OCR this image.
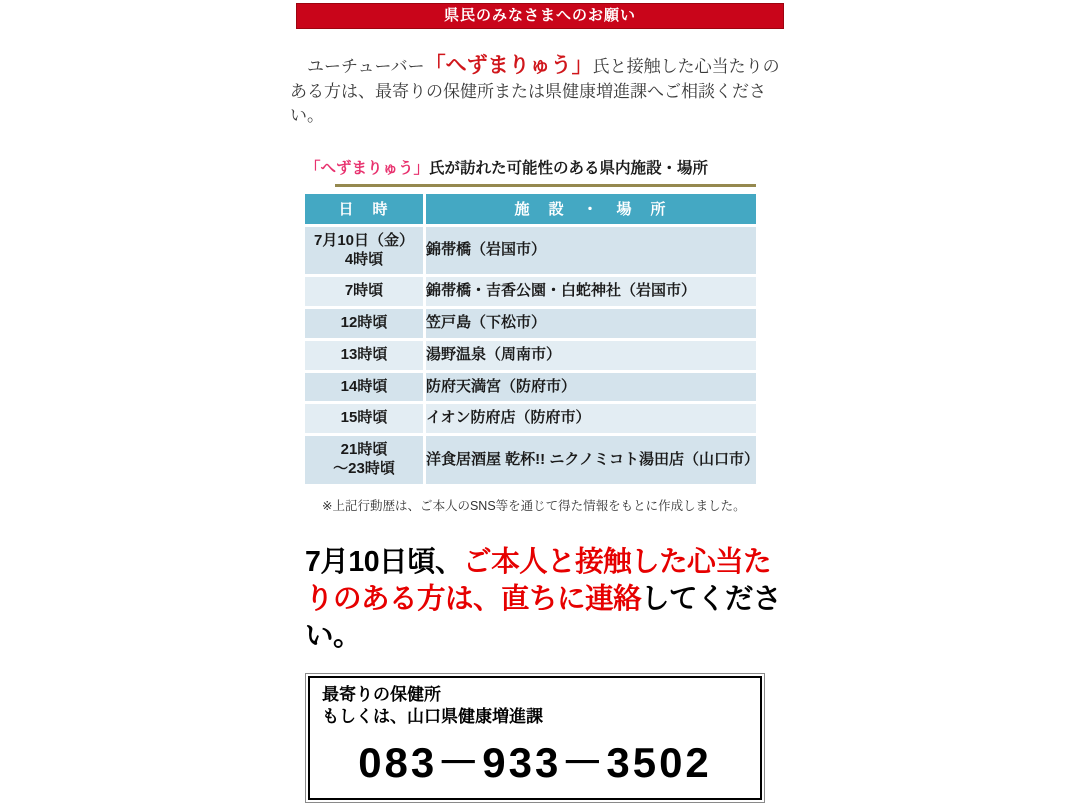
県民のみなさまへのお願い

　ユーチューバー「へずまりゅう」氏と接触した心当たりのある方は、最寄りの保健所または県健康増進課へご相談ください。

「へずまりゅう」氏が訪れた可能性のある県内施設・場所
日　時	施　設　・　場　所
7月10日（金）
4時頃	錦帯橋（岩国市）
7時頃	錦帯橋・吉香公園・白蛇神社（岩国市）
12時頃	笠戸島（下松市）
13時頃	湯野温泉（周南市）
14時頃	防府天満宮（防府市）
15時頃	イオン防府店（防府市）
21時頃
～23時頃	洋食居酒屋 乾杯!! ニクノミコト湯田店（山口市）
※上記行動歴は、ご本人のSNS等を通じて得た情報をもとに作成しました。
7月10日頃、ご本人と接触した心当たりのある方は、直ちに連絡してください。
最寄りの保健所
もしくは、山口県健康増進課
083－933－3502
